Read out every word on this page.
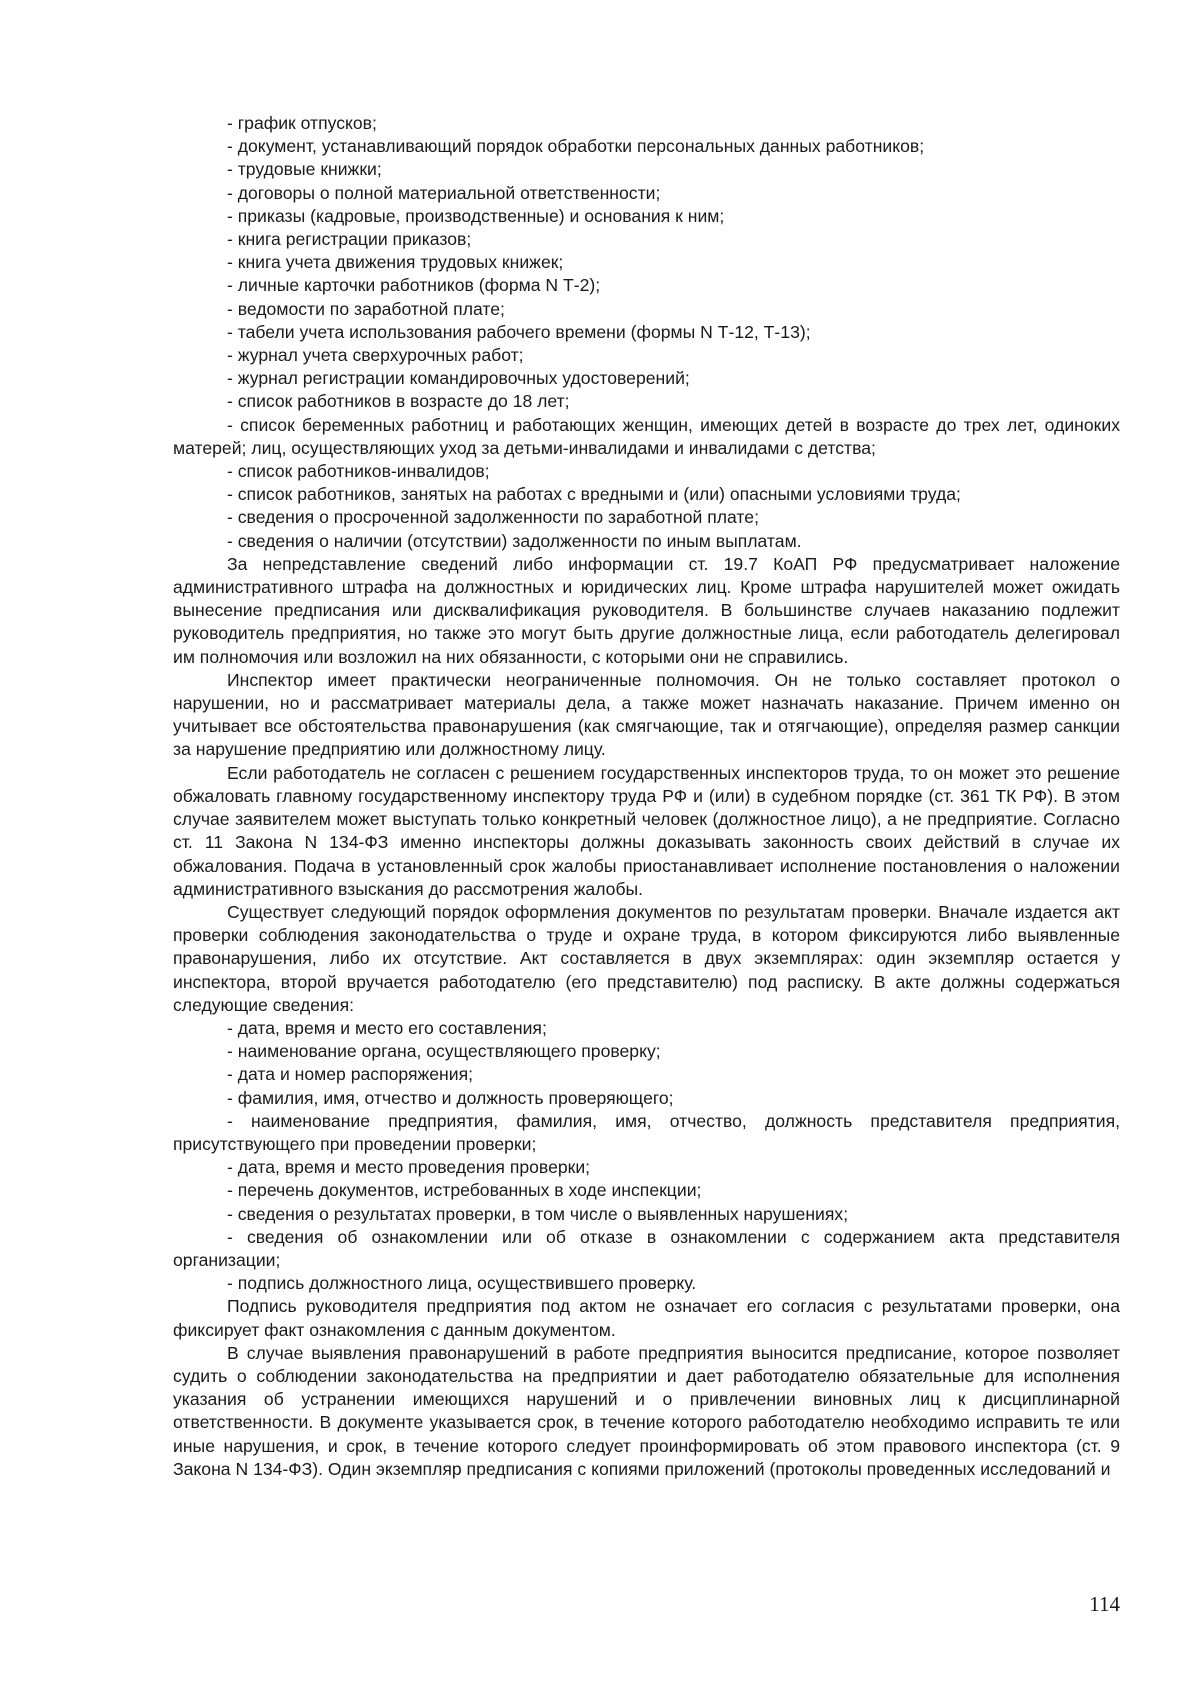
- график отпусков;

- документ, устанавливающий порядок обработки персональных данных работников;

- трудовые книжки;

- договоры о полной материальной ответственности;

- приказы (кадровые, производственные) и основания к ним;

- книга регистрации приказов;

- книга учета движения трудовых книжек;

- личные карточки работников (форма N Т-2);

- ведомости по заработной плате;

- табели учета использования рабочего времени (формы N Т-12, Т-13);

- журнал учета сверхурочных работ;

- журнал регистрации командировочных удостоверений;

- список работников в возрасте до 18 лет;

- список беременных работниц и работающих женщин, имеющих детей в возрасте до трех лет, одиноких матерей; лиц, осуществляющих уход за детьми-инвалидами и инвалидами с детства;

- список работников-инвалидов;

- список работников, занятых на работах с вредными и (или) опасными условиями труда;

- сведения о просроченной задолженности по заработной плате;

- сведения о наличии (отсутствии) задолженности по иным выплатам.

За непредставление сведений либо информации ст. 19.7 КоАП РФ предусматривает наложение административного штрафа на должностных и юридических лиц. Кроме штрафа нарушителей может ожидать вынесение предписания или дисквалификация руководителя. В большинстве случаев наказанию подлежит руководитель предприятия, но также это могут быть другие должностные лица, если работодатель делегировал им полномочия или возложил на них обязанности, с которыми они не справились.

Инспектор имеет практически неограниченные полномочия. Он не только составляет протокол о нарушении, но и рассматривает материалы дела, а также может назначать наказание. Причем именно он учитывает все обстоятельства правонарушения (как смягчающие, так и отягчающие), определяя размер санкции за нарушение предприятию или должностному лицу.

Если работодатель не согласен с решением государственных инспекторов труда, то он может это решение обжаловать главному государственному инспектору труда РФ и (или) в судебном порядке (ст. 361 ТК РФ). В этом случае заявителем может выступать только конкретный человек (должностное лицо), а не предприятие. Согласно ст. 11 Закона N 134-ФЗ именно инспекторы должны доказывать законность своих действий в случае их обжалования. Подача в установленный срок жалобы приостанавливает исполнение постановления о наложении административного взыскания до рассмотрения жалобы.

Существует следующий порядок оформления документов по результатам проверки. Вначале издается акт проверки соблюдения законодательства о труде и охране труда, в котором фиксируются либо выявленные правонарушения, либо их отсутствие. Акт составляется в двух экземплярах: один экземпляр остается у инспектора, второй вручается работодателю (его представителю) под расписку. В акте должны содержаться следующие сведения:

- дата, время и место его составления;

- наименование органа, осуществляющего проверку;

- дата и номер распоряжения;

- фамилия, имя, отчество и должность проверяющего;

- наименование предприятия, фамилия, имя, отчество, должность представителя предприятия, присутствующего при проведении проверки;

- дата, время и место проведения проверки;

- перечень документов, истребованных в ходе инспекции;

- сведения о результатах проверки, в том числе о выявленных нарушениях;

- сведения об ознакомлении или об отказе в ознакомлении с содержанием акта представителя организации;

- подпись должностного лица, осуществившего проверку.

Подпись руководителя предприятия под актом не означает его согласия с результатами проверки, она фиксирует факт ознакомления с данным документом.

В случае выявления правонарушений в работе предприятия выносится предписание, которое позволяет судить о соблюдении законодательства на предприятии и дает работодателю обязательные для исполнения указания об устранении имеющихся нарушений и о привлечении виновных лиц к дисциплинарной ответственности. В документе указывается срок, в течение которого работодателю необходимо исправить те или иные нарушения, и срок, в течение которого следует проинформировать об этом правового инспектора (ст. 9 Закона N 134-ФЗ). Один экземпляр предписания с копиями приложений (протоколы проведенных исследований и

114
